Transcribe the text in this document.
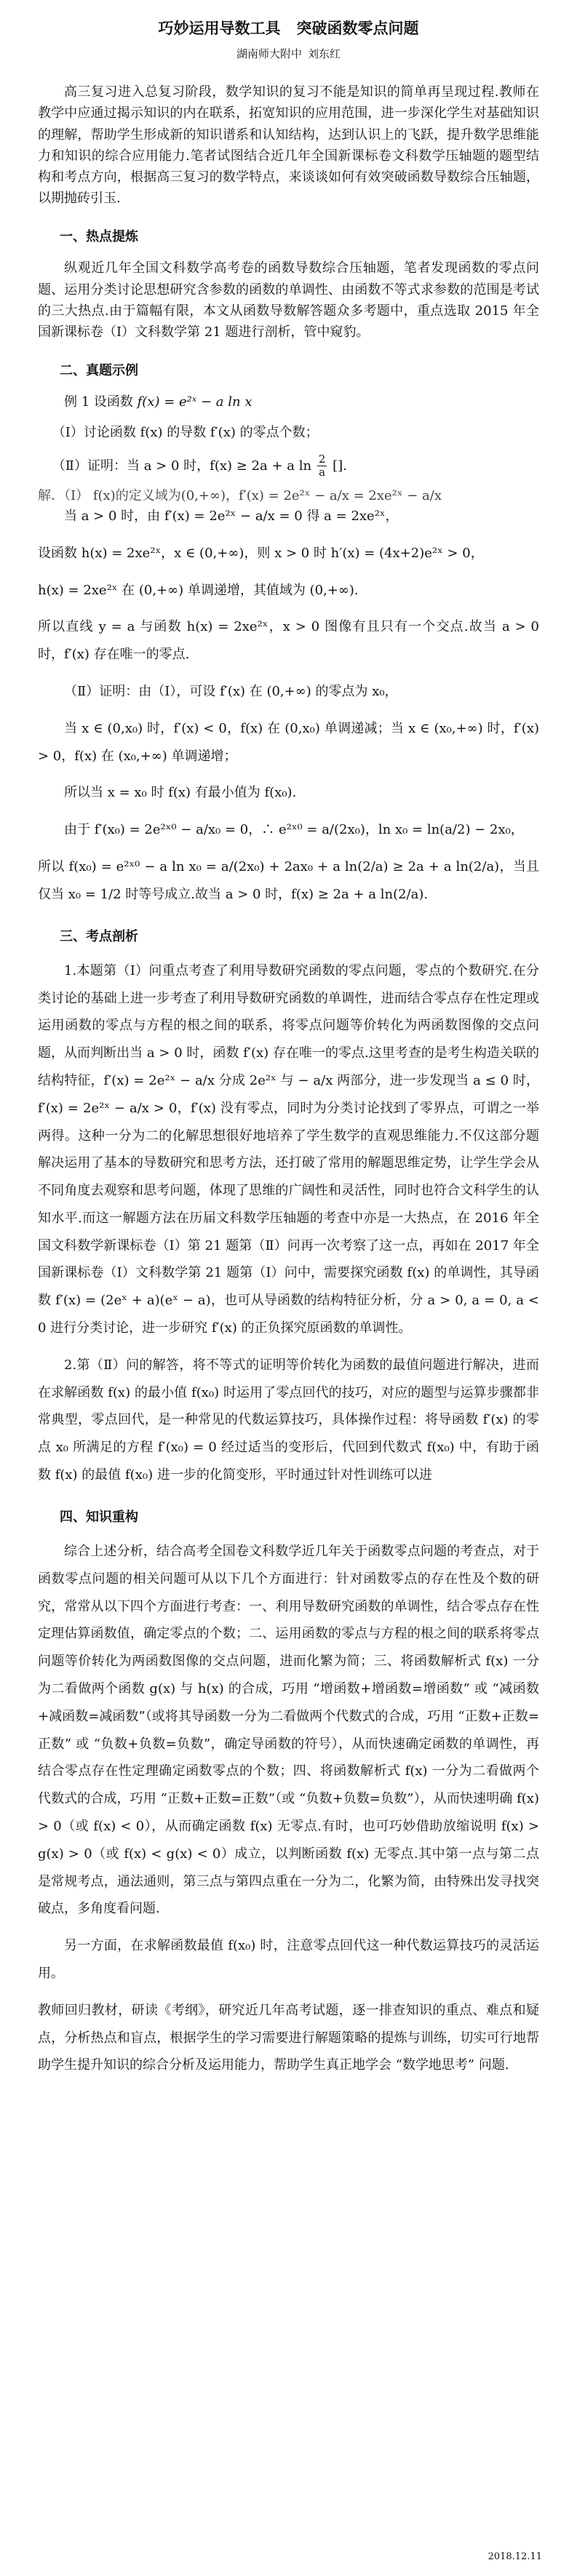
巧妙运用导数工具 突破函数零点问题
湖南师大附中 刘东红

高三复习进入总复习阶段，数学知识的复习不能是知识的简单再呈现过程.教师在教学中应通过揭示知识的内在联系，拓宽知识的应用范围，进一步深化学生对基础知识的理解，帮助学生形成新的知识谱系和认知结构，达到认识上的飞跃，提升数学思维能力和知识的综合应用能力.笔者试图结合近几年全国新课标卷文科数学压轴题的题型结构和考点方向，根据高三复习的数学特点，来谈谈如何有效突破函数导数综合压轴题，以期抛砖引玉.

一、热点提炼

纵观近几年全国文科数学高考卷的函数导数综合压轴题，笔者发现函数的零点问题、运用分类讨论思想研究含参数的函数的单调性、由函数不等式求参数的范围是考试的三大热点.由于篇幅有限，本文从函数导数解答题众多考题中，重点选取 2015 年全国新课标卷（Ⅰ）文科数学第 21 题进行剖析，管中窥豹。

二、真题示例

例 1 设函数 f(x) = e²ˣ − a ln x

（Ⅰ）讨论函数 f(x) 的导数 f′(x) 的零点个数；

（Ⅱ）证明：当 a > 0 时，f(x) ≥ 2a + a $\ln \frac{2}{a}$ [].

解．（Ⅰ） f(x)的定义域为(0,+∞)，f′(x) = 2e²ˣ − a/x = 2xe²ˣ − a/x

当 a > 0 时，由 f′(x) = 2e²ˣ − a/x = 0 得 a = 2xe²ˣ，

设函数 h(x) = 2xe²ˣ，x ∈ (0,+∞)，则 x > 0 时 h′(x) = (4x+2)e²ˣ > 0，

h(x) = 2xe²ˣ 在 (0,+∞) 单调递增，其值域为 (0,+∞).

所以直线 y = a 与函数 h(x) = 2xe²ˣ，x > 0 图像有且只有一个交点.故当 a > 0 时，f′(x) 存在唯一的零点.

（Ⅱ）证明：由（Ⅰ），可设 f′(x) 在 (0,+∞) 的零点为 x₀，

当 x ∈ (0,x₀) 时，f′(x) < 0，f(x) 在 (0,x₀) 单调递减；当 x ∈ (x₀,+∞) 时，f′(x) > 0，f(x) 在 (x₀,+∞) 单调递增；

所以当 x = x₀ 时 f(x) 有最小值为 f(x₀).

由于 f′(x₀) = 2e²ˣ⁰ − a/x₀ = 0，∴ e²ˣ⁰ = a/(2x₀)，ln x₀ = ln(a/2) − 2x₀，

所以 f(x₀) = e²ˣ⁰ − a ln x₀ = a/(2x₀) + 2ax₀ + a ln(2/a) ≥ 2a + a ln(2/a)，当且仅当 x₀ = 1/2 时等号成立.故当 a > 0 时，f(x) ≥ 2a + a ln(2/a).

三、考点剖析

1.本题第（Ⅰ）问重点考查了利用导数研究函数的零点问题，零点的个数研究.在分类讨论的基础上进一步考查了利用导数研究函数的单调性，进而结合零点存在性定理或运用函数的零点与方程的根之间的联系，将零点问题等价转化为两函数图像的交点问题，从而判断出当 a > 0 时，函数 f′(x) 存在唯一的零点.这里考查的是考生构造关联的结构特征，f′(x) = 2e²ˣ − a/x 分成 2e²ˣ 与 − a/x 两部分，进一步发现当 a ≤ 0 时，f′(x) = 2e²ˣ − a/x > 0，f′(x) 没有零点，同时为分类讨论找到了零界点，可谓之一举两得。这种一分为二的化解思想很好地培养了学生数学的直观思维能力.不仅这部分题解决运用了基本的导数研究和思考方法，还打破了常用的解题思维定势，让学生学会从不同角度去观察和思考问题，体现了思维的广阔性和灵活性，同时也符合文科学生的认知水平.而这一解题方法在历届文科数学压轴题的考查中亦是一大热点，在 2016 年全国文科数学新课标卷（Ⅰ）第 21 题第（Ⅱ）问再一次考察了这一点，再如在 2017 年全国新课标卷（Ⅰ）文科数学第 21 题第（Ⅰ）问中，需要探究函数 f(x) 的单调性，其导函数 f′(x) = (2eˣ + a)(eˣ − a)，也可从导函数的结构特征分析，分 a > 0, a = 0, a < 0 进行分类讨论，进一步研究 f′(x) 的正负探究原函数的单调性。

2.第（Ⅱ）问的解答，将不等式的证明等价转化为函数的最值问题进行解决，进而在求解函数 f(x) 的最小值 f(x₀) 时运用了零点回代的技巧，对应的题型与运算步骤都非常典型，零点回代，是一种常见的代数运算技巧，具体操作过程：将导函数 f′(x) 的零点 x₀ 所满足的方程 f′(x₀) = 0 经过适当的变形后，代回到代数式 f(x₀) 中，有助于函数 f(x) 的最值 f(x₀) 进一步的化简变形，平时通过针对性训练可以进

四、知识重构

综合上述分析，结合高考全国卷文科数学近几年关于函数零点问题的考查点，对于函数零点问题的相关问题可从以下几个方面进行：针对函数零点的存在性及个数的研究，常常从以下四个方面进行考查：一、利用导数研究函数的单调性，结合零点存在性定理估算函数值，确定零点的个数；二、运用函数的零点与方程的根之间的联系将零点问题等价转化为两函数图像的交点问题，进而化繁为简；三、将函数解析式 f(x) 一分为二看做两个函数 g(x) 与 h(x) 的合成，巧用 “增函数+增函数=增函数” 或 “减函数+减函数=减函数”（或将其导函数一分为二看做两个代数式的合成，巧用 “正数+正数=正数” 或 “负数+负数=负数”，确定导函数的符号），从而快速确定函数的单调性，再结合零点存在性定理确定函数零点的个数；四、将函数解析式 f(x) 一分为二看做两个代数式的合成，巧用 “正数+正数=正数”（或 “负数+负数=负数”），从而快速明确 f(x) > 0（或 f(x) < 0），从而确定函数 f(x) 无零点.有时，也可巧妙借助放缩说明 f(x) > g(x) > 0（或 f(x) < g(x) < 0）成立，以判断函数 f(x) 无零点.其中第一点与第二点是常规考点，通法通则，第三点与第四点重在一分为二，化繁为简，由特殊出发寻找突破点，多角度看问题.

另一方面，在求解函数最值 f(x₀) 时，注意零点回代这一种代数运算技巧的灵活运用。

教师回归教材，研读《考纲》，研究近几年高考试题，逐一排查知识的重点、难点和疑点，分析热点和盲点，根据学生的学习需要进行解题策略的提炼与训练，切实可行地帮助学生提升知识的综合分析及运用能力，帮助学生真正地学会 “数学地思考” 问题.

2018.12.11
